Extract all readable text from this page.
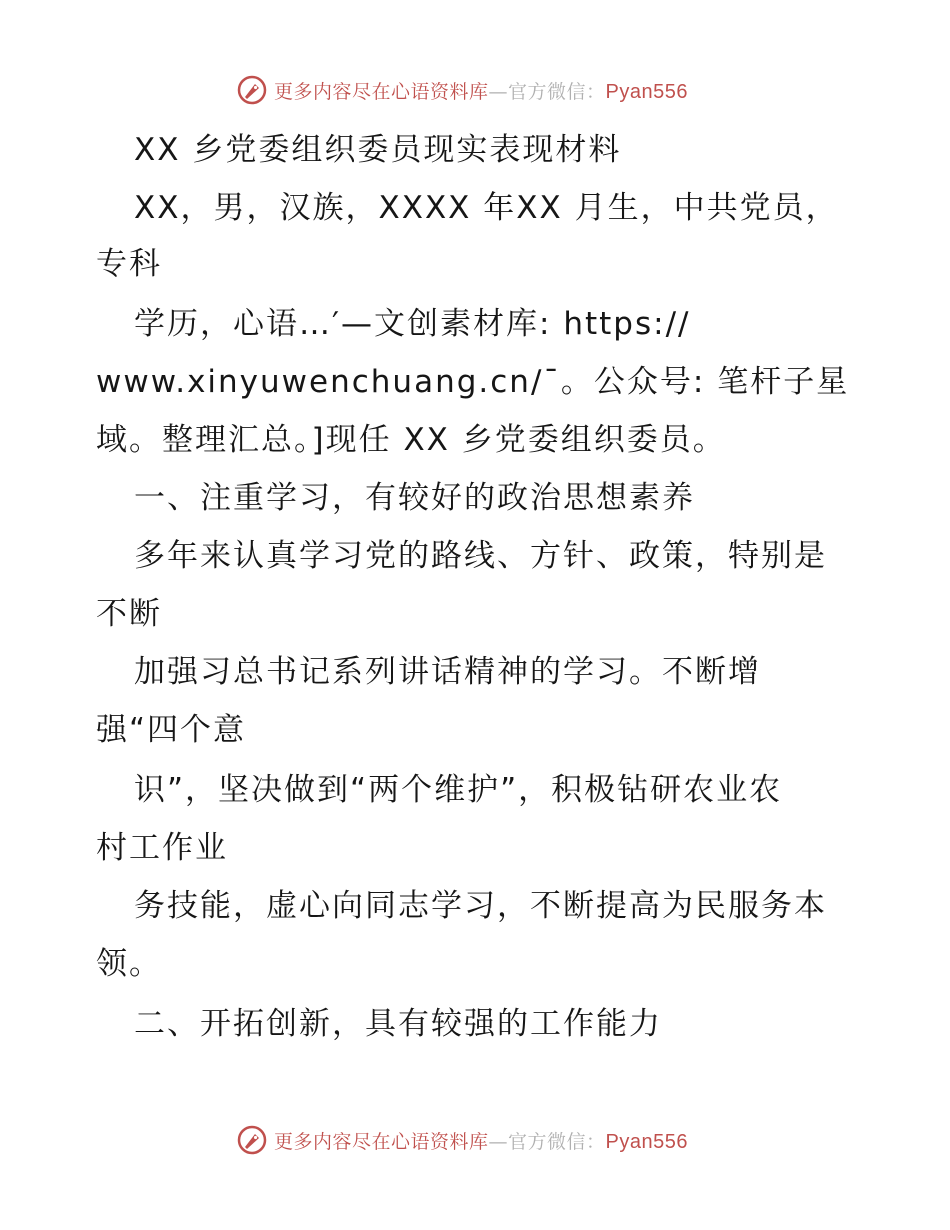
更多内容尽在心语资料库—官方微信：Pyan556
XX 乡党委组织委员现实表现材料
XX，男，汉族，XXXX 年XX 月生，中共党员，
专科
学历，心语…′—文创素材库: https://
www.xinyuwenchuang.cn/¯。公众号: 笔杆子星
域。整理汇总。]现任 XX 乡党委组织委员。
一、注重学习，有较好的政治思想素养
多年来认真学习党的路线、方针、政策，特别是
不断
加强习总书记系列讲话精神的学习。不断增
强“四个意
识”，坚决做到“两个维护”，积极钻研农业农
村工作业
务技能，虚心向同志学习，不断提高为民服务本
领。
二、开拓创新，具有较强的工作能力
更多内容尽在心语资料库—官方微信：Pyan556
